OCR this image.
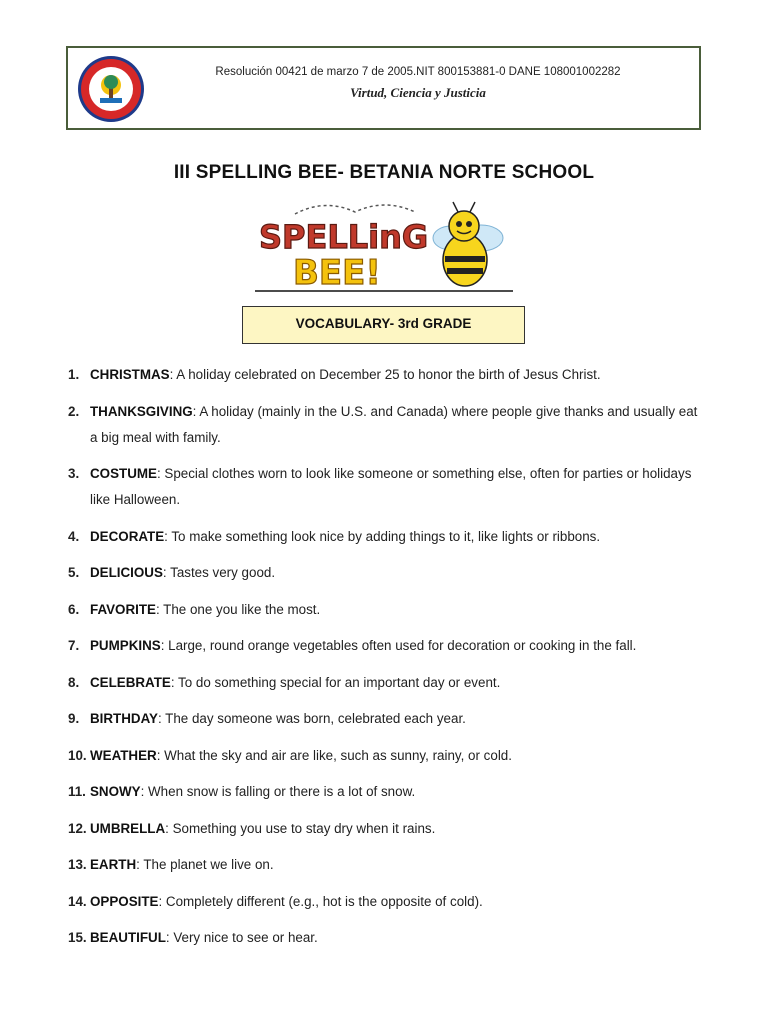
Resolución 00421 de marzo 7 de 2005.NIT 800153881-0 DANE 108001002282
Virtud, Ciencia y Justicia
III SPELLING BEE- BETANIA NORTE SCHOOL
SPELLinG
BEE!
VOCABULARY- 3rd GRADE
1. CHRISTMAS: A holiday celebrated on December 25 to honor the birth of Jesus Christ.
2. THANKSGIVING: A holiday (mainly in the U.S. and Canada) where people give thanks and usually eat a big meal with family.
3. COSTUME: Special clothes worn to look like someone or something else, often for parties or holidays like Halloween.
4. DECORATE: To make something look nice by adding things to it, like lights or ribbons.
5. DELICIOUS: Tastes very good.
6. FAVORITE: The one you like the most.
7. PUMPKINS: Large, round orange vegetables often used for decoration or cooking in the fall.
8. CELEBRATE: To do something special for an important day or event.
9. BIRTHDAY: The day someone was born, celebrated each year.
10. WEATHER: What the sky and air are like, such as sunny, rainy, or cold.
11. SNOWY: When snow is falling or there is a lot of snow.
12. UMBRELLA: Something you use to stay dry when it rains.
13. EARTH: The planet we live on.
14. OPPOSITE: Completely different (e.g., hot is the opposite of cold).
15. BEAUTIFUL: Very nice to see or hear.
